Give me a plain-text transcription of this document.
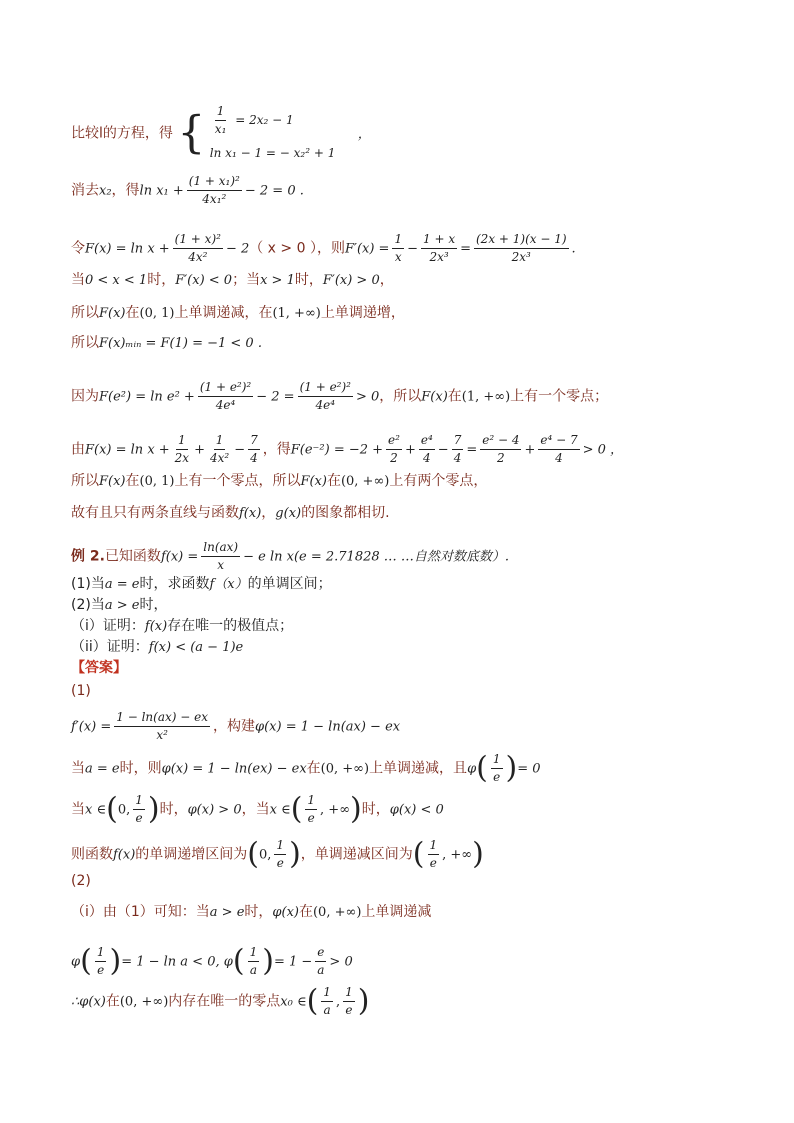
比较l的方程，得 { $\frac{1}{\text{x₁}} = 2x_2 - 1$
ln x₁ − 1 = − x₂² + 1
，
消去x₂，得$\ln x_1 + \frac{\text{(1 + x₁)²}}{\text{4x₁²}} - 2 = 0$ .
令$F(x) = \ln x + \frac{\text{(1 + x)²}}{\text{4x²}} - 2$（ x > 0 ），则$F'(x) = \frac{1}{x} - \frac{1 + x}{\text{2x³}} = \frac{(2x + 1)(x - 1)}{\text{2x³}}$ .
当0 < x < 1时，F′(x) < 0；当x > 1时，F′(x) > 0，
所以F(x)在(0, 1)上单调递减，在(1, +∞)上单调递增，
所以F(x)ₘᵢₙ = F(1) = −1 < 0 .
因为$F(e^2) = \ln e^2 + \frac{\text{(1 + e²)²}}{\text{4e⁴}} - 2 = \frac{\text{(1 + e²)²}}{\text{4e⁴}} > 0$，所以F(x)在(1, +∞)上有一个零点；
由$F(x) = \ln x + \frac{1}{2x} + \frac{1}{\text{4x²}} - \frac{7}{4}$ ，得$F(e^{-2}) = -2 + \frac{\text{e²}}{2} + \frac{\text{e⁴}}{4} - \frac{7}{4} = \frac{\text{e² − 4}}{2} + \frac{\text{e⁴ − 7}}{4} > 0$ ，
所以F(x)在(0, 1)上有一个零点，所以F(x)在(0, +∞)上有两个零点，
故有且只有两条直线与函数f(x)，g(x)的图象都相切.
例 2.已知函数$f(x) = \frac{\ln(ax)}{x} - e$ ln x(e = 2.71828 … …自然对数底数）.
(1)当a = e时，求函数f（x）的单调区间；
(2)当a > e时，
（i）证明：f(x)存在唯一的极值点；
（ii）证明：f(x) < (a − 1)e
【答案】
(1)
$f'(x) = \frac{1 - \ln(ax) - ex}{\text{x²}}$ ，构建φ(x) = 1 − ln(ax) − ex
当a = e时，则φ(x) = 1 − ln(ex) − ex在(0, +∞)上单调递减，且$\varphi( \frac{1}{e}$ )= 0
当x ∈(0, $\frac{1}{e}$ )时，φ(x) > 0，当x ∈( $\frac{1}{e}$ , +∞)时，φ(x) < 0
则函数f(x)的单调递增区间为(0, $\frac{1}{e}$ )，单调递减区间为( $\frac{1}{e}$ , +∞)
(2)
（i）由（1）可知：当a > e时，φ(x)在(0, +∞)上单调递减
$\varphi( \frac{1}{e}$ )= 1 − ln a < 0, $\varphi( \frac{1}{a}$ )= $1 - \frac{e}{a} > 0$
∴φ(x)在(0, +∞)内存在唯一的零点x₀ ∈( $\frac{1}{a}$ , $\frac{1}{e}$ )
